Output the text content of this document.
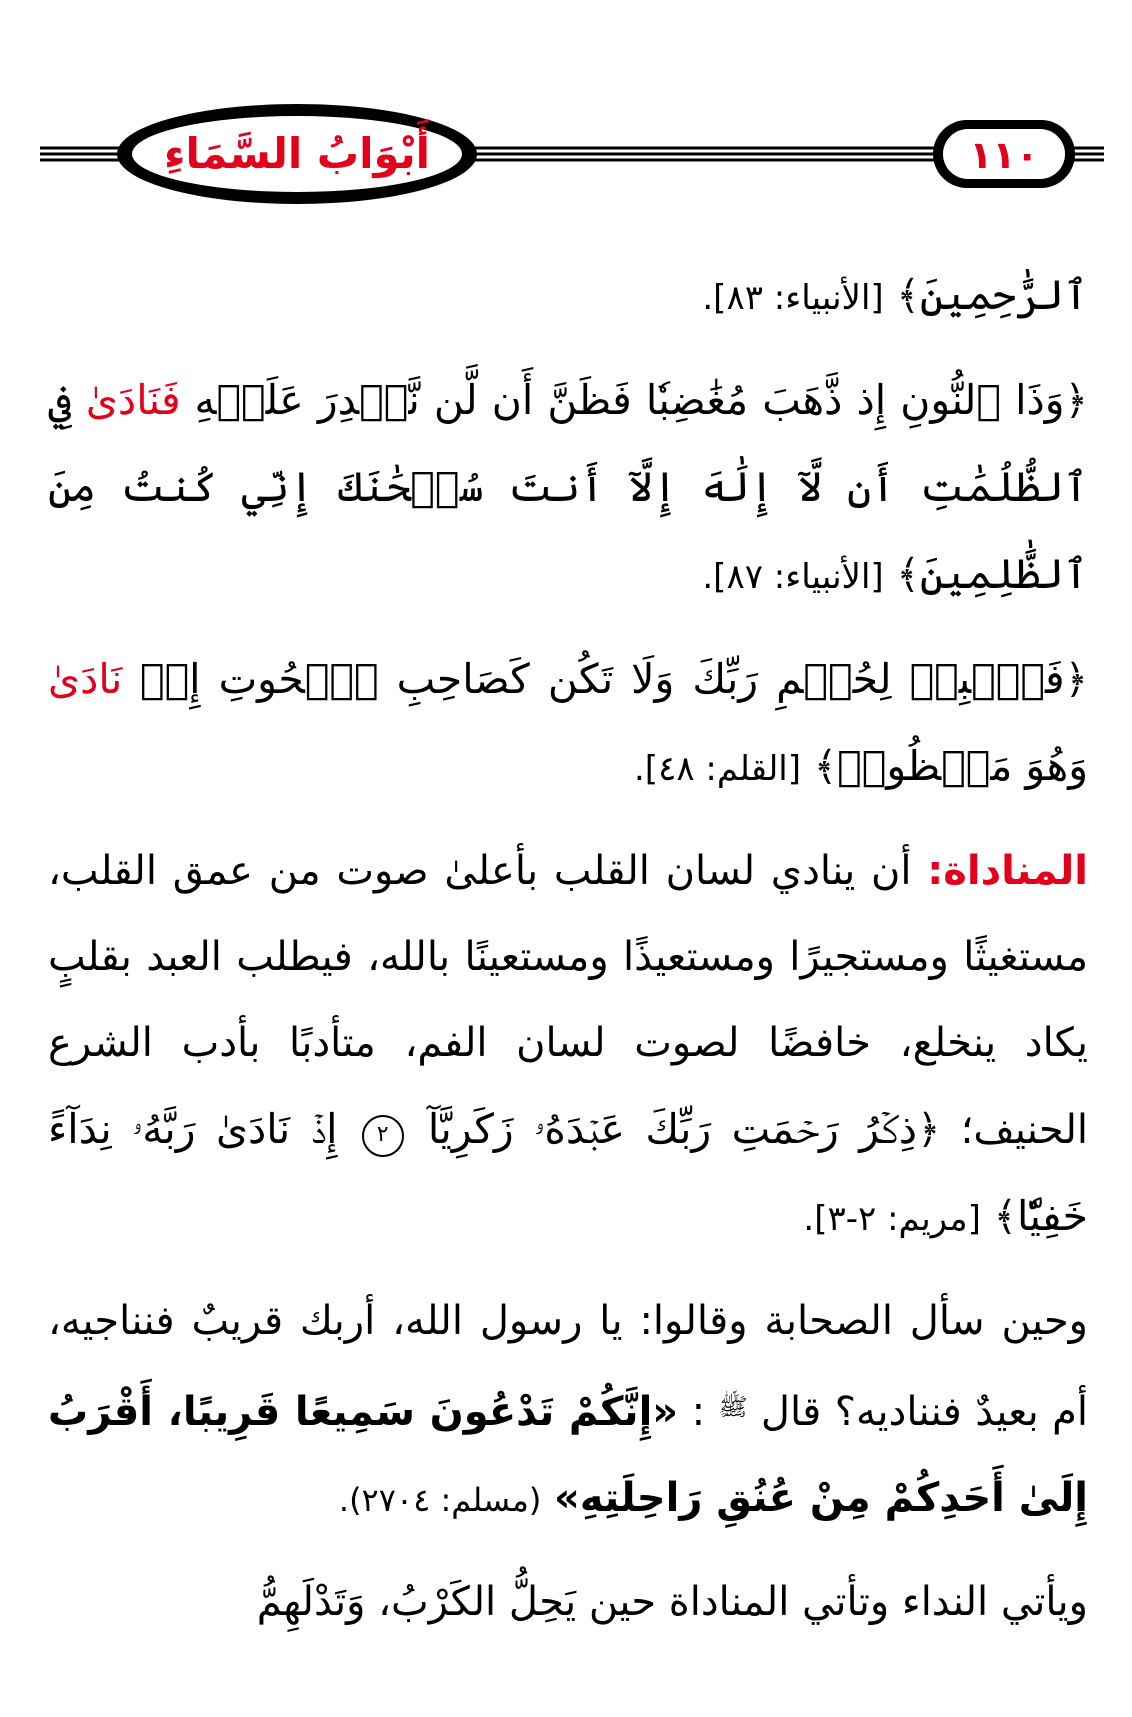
أَبْوَابُ السَّمَاءِ	١١٠

ٱلرَّٰحِمِينَ﴾ [الأنبياء: ٨٣].

﴿وَذَا ٱلنُّونِ إِذ ذَّهَبَ مُغَٰضِبٗا فَظَنَّ أَن لَّن نَّقۡدِرَ عَلَيۡهِ فَنَادَىٰ فِي ٱلظُّلُمَٰتِ أَن لَّآ إِلَٰهَ إِلَّآ أَنتَ سُبۡحَٰنَكَ إِنِّي كُنتُ مِنَ ٱلظَّٰلِمِينَ﴾ [الأنبياء: ٨٧].

﴿فَٱصۡبِرۡ لِحُكۡمِ رَبِّكَ وَلَا تَكُن كَصَاحِبِ ٱلۡحُوتِ إِذۡ نَادَىٰ وَهُوَ مَكۡظُومٞ﴾ [القلم: ٤٨].

المناداة: أن ينادي لسان القلب بأعلىٰ صوت من عمق القلب، مستغيثًا ومستجيرًا ومستعيذًا ومستعينًا بالله، فيطلب العبد بقلبٍ يكاد ينخلع، خافضًا لصوت لسان الفم، متأدبًا بأدب الشرع الحنيف؛ ﴿ذِكۡرُ رَحۡمَتِ رَبِّكَ عَبۡدَهُۥ زَكَرِيَّآ ٢ إِذۡ نَادَىٰ رَبَّهُۥ نِدَآءً خَفِيّٗا﴾ [مريم: ٢-٣].

وحين سأل الصحابة وقالوا: يا رسول الله، أربك قريبٌ فنناجيه، أم بعيدٌ فنناديه؟ قال $^ﷺ$ : «إِنَّكُمْ تَدْعُونَ سَمِيعًا قَرِيبًا، أَقْرَبُ إِلَىٰ أَحَدِكُمْ مِنْ عُنُقِ رَاحِلَتِهِ» (مسلم: ٢٧٠٤).

ويأتي النداء وتأتي المناداة حين يَحِلُّ الكَرْبُ، وَتَدْلَهِمُّ
